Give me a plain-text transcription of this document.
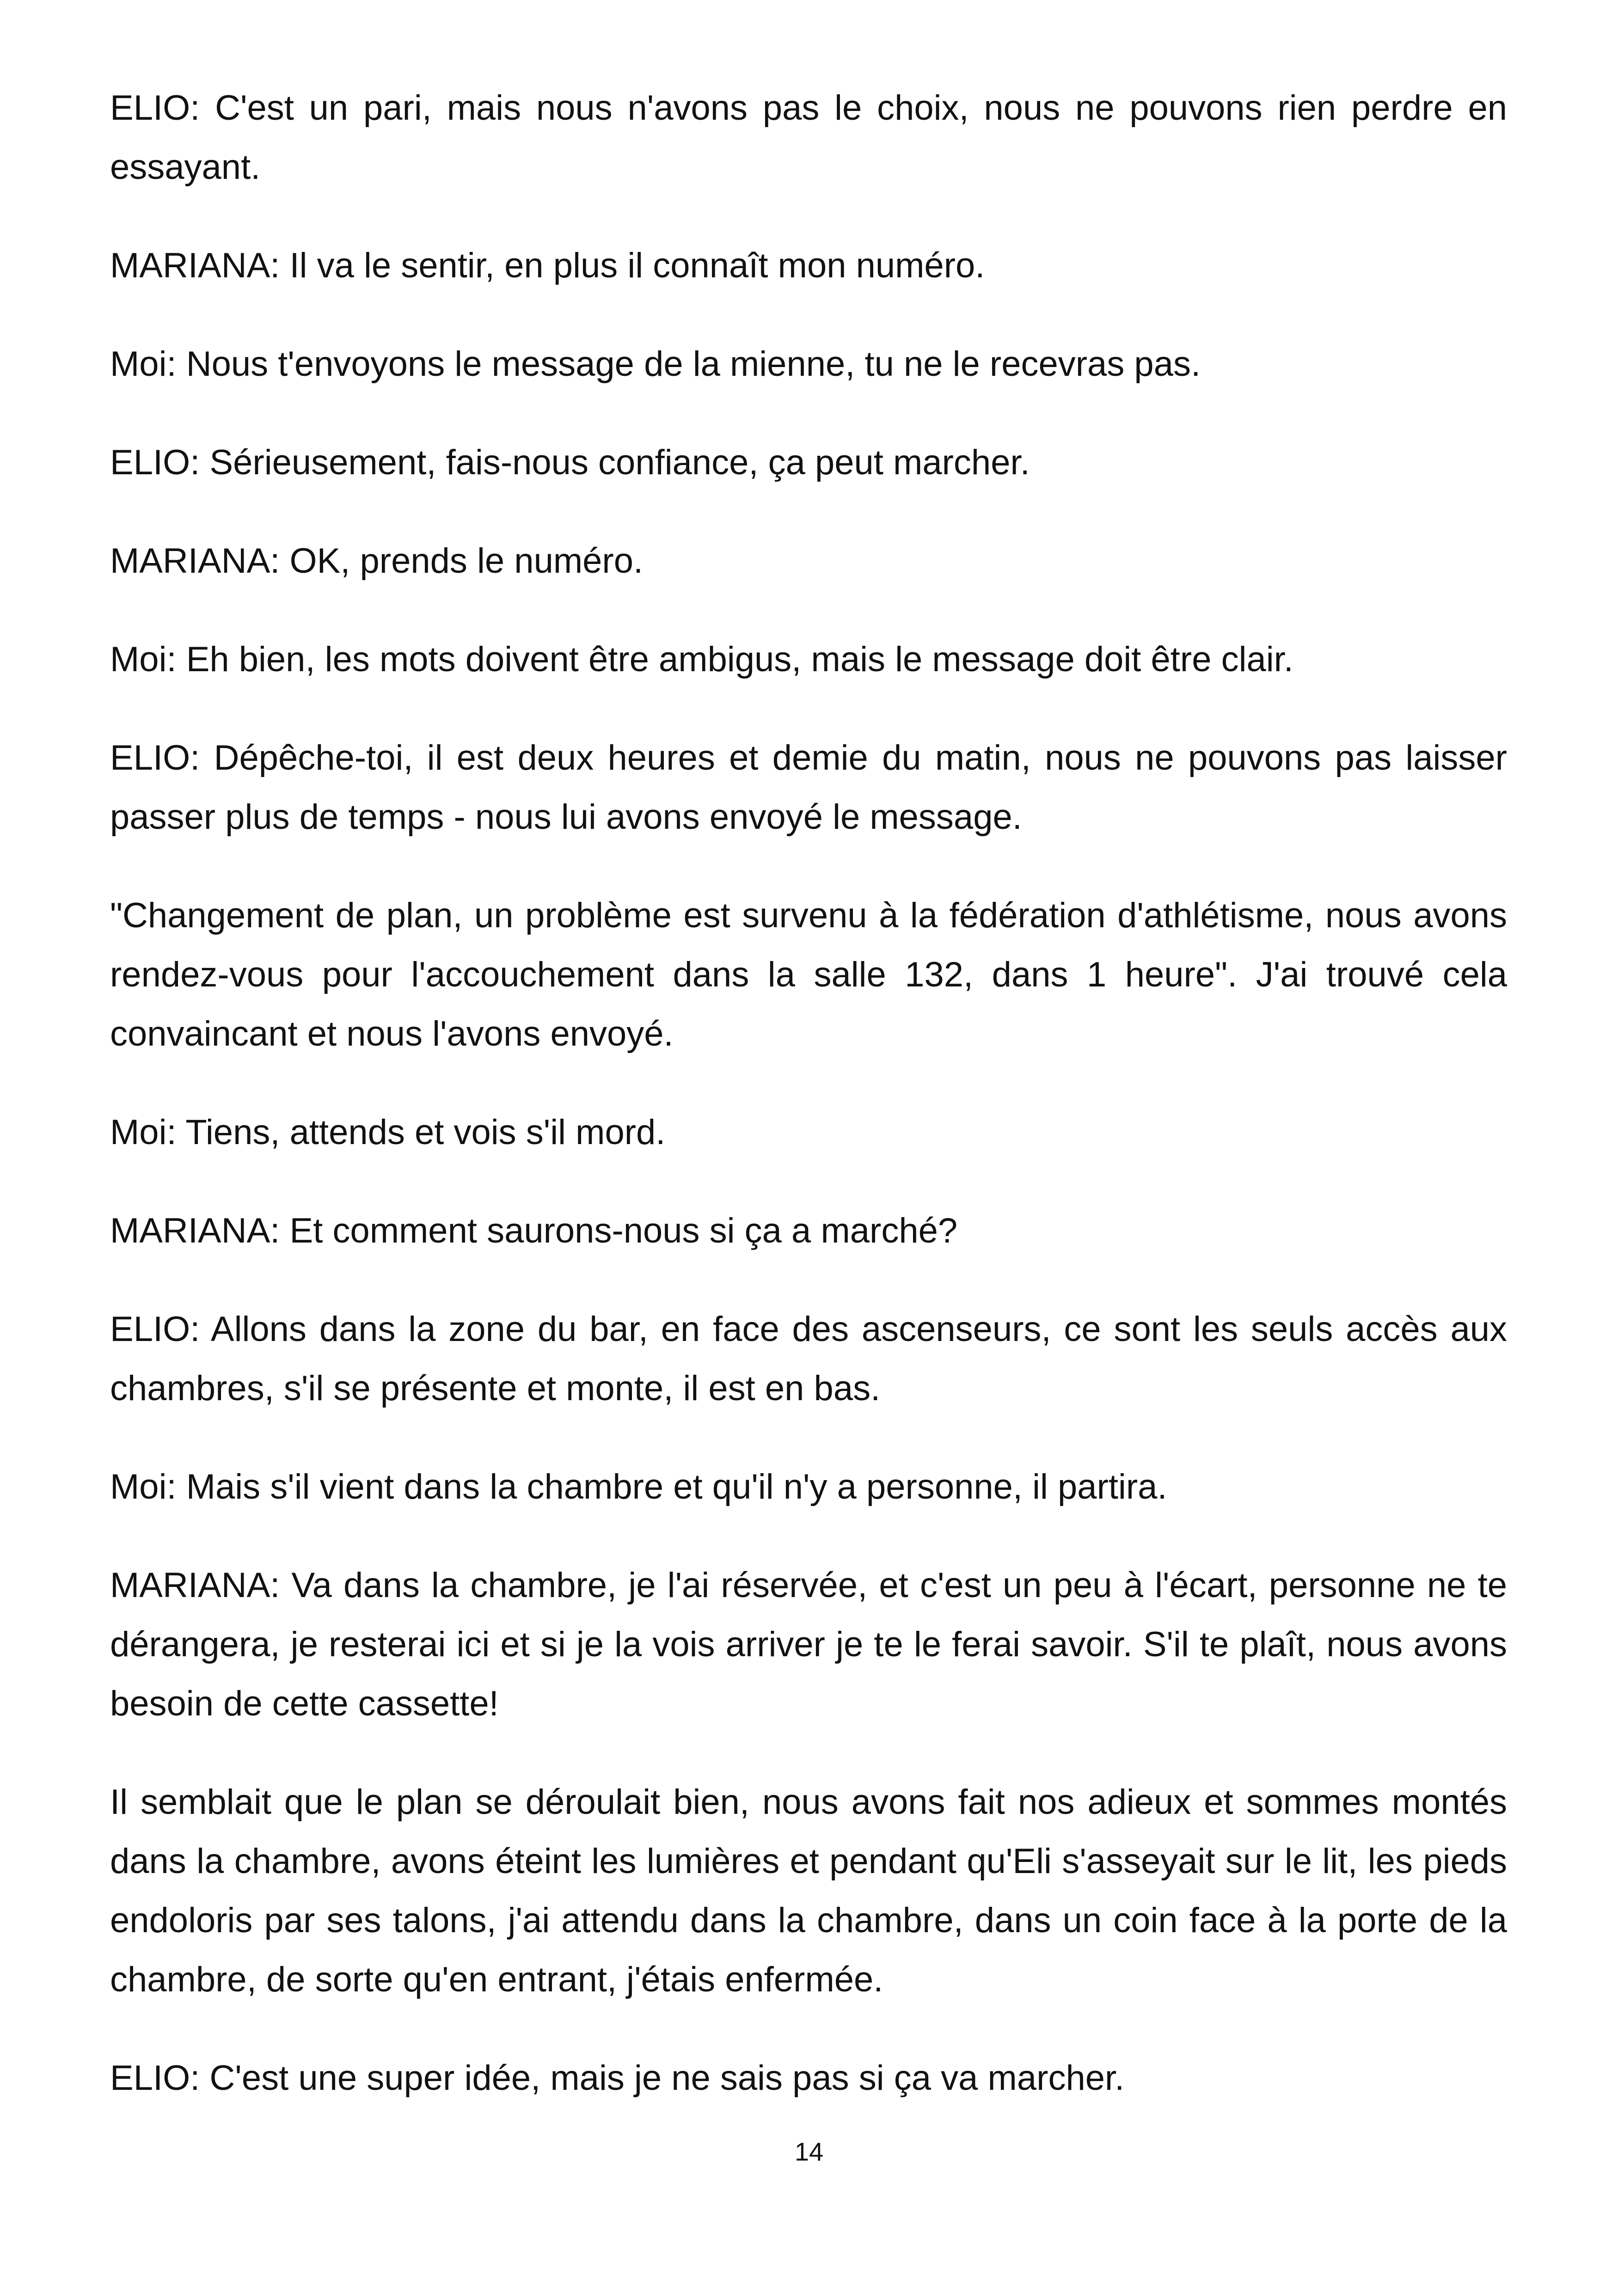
ELIO: C'est un pari, mais nous n'avons pas le choix, nous ne pouvons rien perdre en essayant.

MARIANA: Il va le sentir, en plus il connaît mon numéro.

Moi: Nous t'envoyons le message de la mienne, tu ne le recevras pas.

ELIO: Sérieusement, fais-nous confiance, ça peut marcher.

MARIANA: OK, prends le numéro.

Moi: Eh bien, les mots doivent être ambigus, mais le message doit être clair.

ELIO: Dépêche-toi, il est deux heures et demie du matin, nous ne pouvons pas laisser passer plus de temps - nous lui avons envoyé le message.

"Changement de plan, un problème est survenu à la fédération d'athlétisme, nous avons rendez-vous pour l'accouchement dans la salle 132, dans 1 heure". J'ai trouvé cela convaincant et nous l'avons envoyé.

Moi: Tiens, attends et vois s'il mord.

MARIANA: Et comment saurons-nous si ça a marché?

ELIO: Allons dans la zone du bar, en face des ascenseurs, ce sont les seuls accès aux chambres, s'il se présente et monte, il est en bas.

Moi: Mais s'il vient dans la chambre et qu'il n'y a personne, il partira.

MARIANA: Va dans la chambre, je l'ai réservée, et c'est un peu à l'écart, personne ne te dérangera, je resterai ici et si je la vois arriver je te le ferai savoir. S'il te plaît, nous avons besoin de cette cassette!

Il semblait que le plan se déroulait bien, nous avons fait nos adieux et sommes montés dans la chambre, avons éteint les lumières et pendant qu'Eli s'asseyait sur le lit, les pieds endoloris par ses talons, j'ai attendu dans la chambre, dans un coin face à la porte de la chambre, de sorte qu'en entrant, j'étais enfermée.

ELIO: C'est une super idée, mais je ne sais pas si ça va marcher.

14
